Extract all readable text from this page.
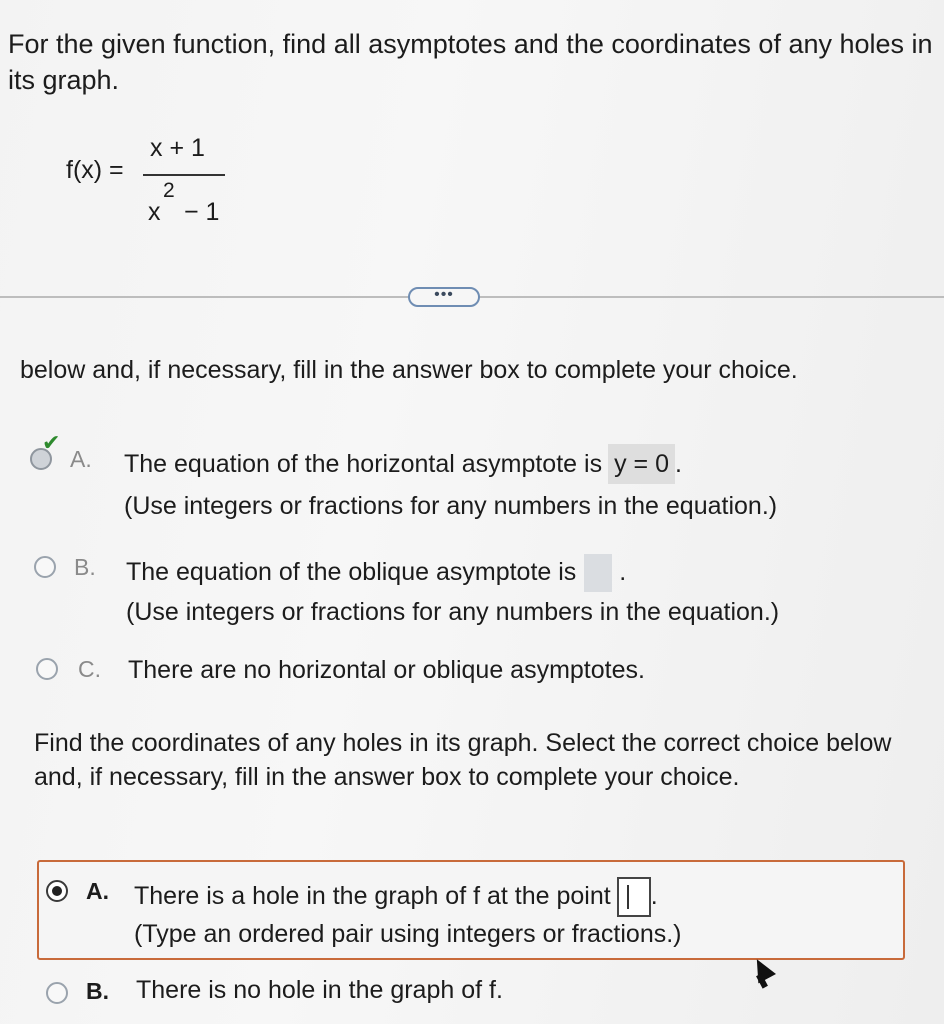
For the given function, find all asymptotes and the coordinates of any holes in its graph.
f(x) =
x + 1
x
2
− 1
•••
below and, if necessary, fill in the answer box to complete your choice.
✔
A. The equation of the horizontal asymptote is y = 0 .
(Use integers or fractions for any numbers in the equation.)
B. The equation of the oblique asymptote is .
(Use integers or fractions for any numbers in the equation.)
C. There are no horizontal or oblique asymptotes.
Find the coordinates of any holes in its graph. Select the correct choice below and, if necessary, fill in the answer box to complete your choice.
A. There is a hole in the graph of f at the point .
(Type an ordered pair using integers or fractions.)
B. There is no hole in the graph of f.
